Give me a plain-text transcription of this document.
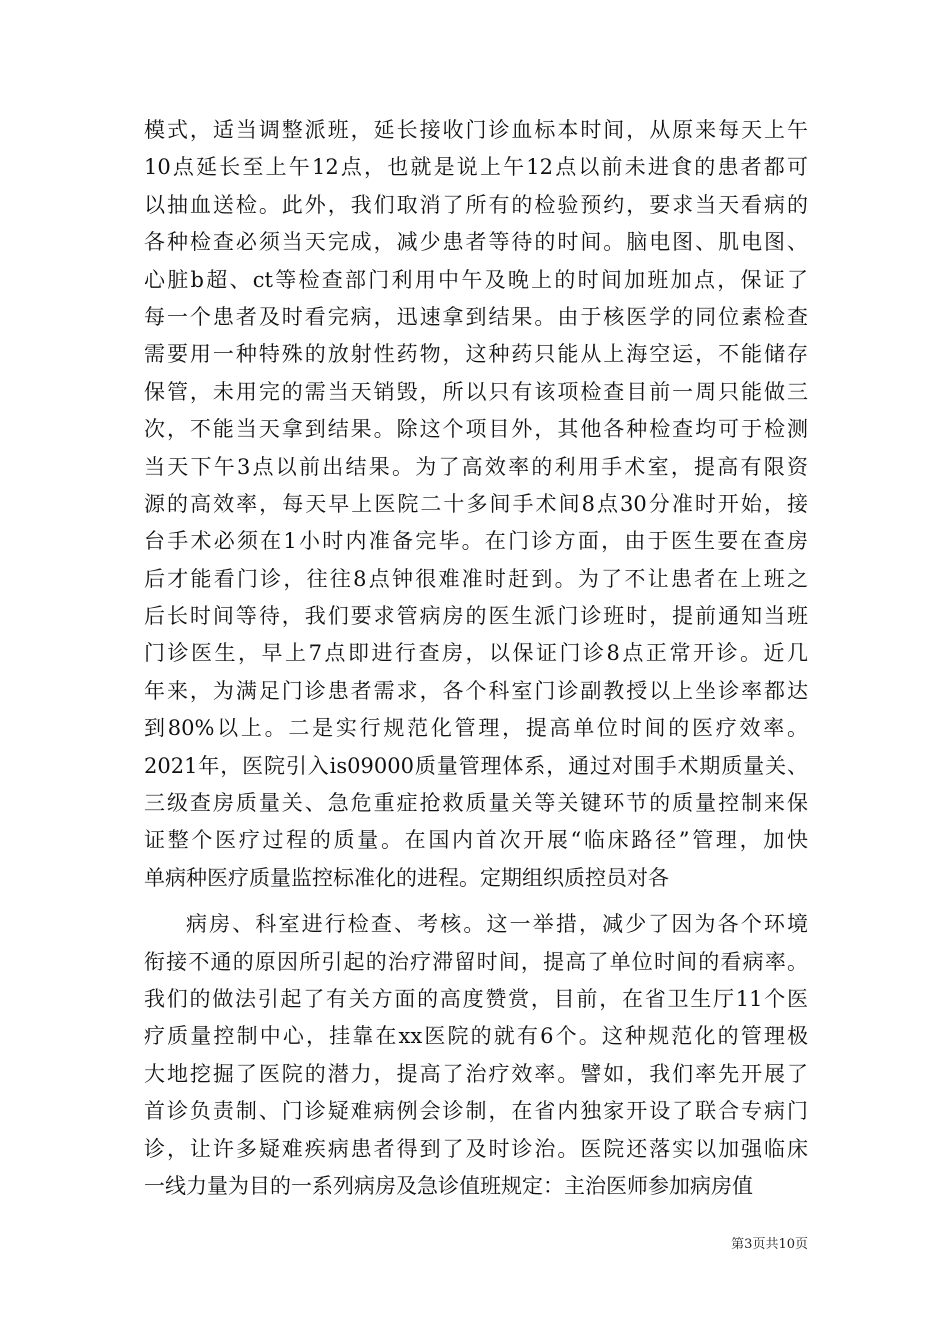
模式，适当调整派班，延长接收门诊血标本时间，从原来每天上午
10点延长至上午12点，也就是说上午12点以前未进食的患者都可
以抽血送检。此外，我们取消了所有的检验预约，要求当天看病的
各种检查必须当天完成，减少患者等待的时间。脑电图、肌电图、
心脏b超、ct等检查部门利用中午及晚上的时间加班加点，保证了
每一个患者及时看完病，迅速拿到结果。由于核医学的同位素检查
需要用一种特殊的放射性药物，这种药只能从上海空运，不能储存
保管，未用完的需当天销毁，所以只有该项检查目前一周只能做三
次，不能当天拿到结果。除这个项目外，其他各种检查均可于检测
当天下午3点以前出结果。为了高效率的利用手术室，提高有限资
源的高效率，每天早上医院二十多间手术间8点30分准时开始，接
台手术必须在1小时内准备完毕。在门诊方面，由于医生要在查房
后才能看门诊，往往8点钟很难准时赶到。为了不让患者在上班之
后长时间等待，我们要求管病房的医生派门诊班时，提前通知当班
门诊医生，早上7点即进行查房，以保证门诊8点正常开诊。近几
年来，为满足门诊患者需求，各个科室门诊副教授以上坐诊率都达
到80%以上。二是实行规范化管理，提高单位时间的医疗效率。
2021年，医院引入is09000质量管理体系，通过对围手术期质量关、
三级查房质量关、急危重症抢救质量关等关键环节的质量控制来保
证整个医疗过程的质量。在国内首次开展“临床路径”管理，加快
单病种医疗质量监控标准化的进程。定期组织质控员对各
病房、科室进行检查、考核。这一举措，减少了因为各个环境
衔接不通的原因所引起的治疗滞留时间，提高了单位时间的看病率。
我们的做法引起了有关方面的高度赞赏，目前，在省卫生厅11个医
疗质量控制中心，挂靠在xx医院的就有6个。这种规范化的管理极
大地挖掘了医院的潜力，提高了治疗效率。譬如，我们率先开展了
首诊负责制、门诊疑难病例会诊制，在省内独家开设了联合专病门
诊，让许多疑难疾病患者得到了及时诊治。医院还落实以加强临床
一线力量为目的一系列病房及急诊值班规定：主治医师参加病房值
第3页共10页
